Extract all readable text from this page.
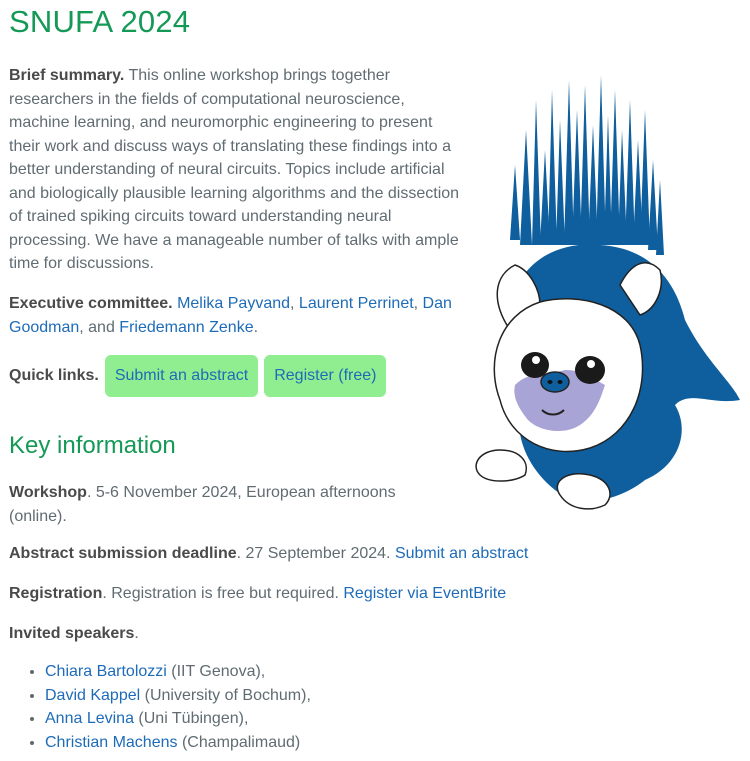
SNUFA 2024

Brief summary. This online workshop brings together researchers in the fields of computational neuroscience, machine learning, and neuromorphic engineering to present their work and discuss ways of translating these findings into a better understanding of neural circuits. Topics include artificial and biologically plausible learning algorithms and the dissection of trained spiking circuits toward understanding neural processing. We have a manageable number of talks with ample time for discussions.

Executive committee. Melika Payvand, Laurent Perrinet, Dan Goodman, and Friedemann Zenke.

Quick links.	Submit an abstract	Register (free)
Key information

Workshop. 5-6 November 2024, European afternoons (online).

Abstract submission deadline. 27 September 2024. Submit an abstract

Registration. Registration is free but required. Register via EventBrite

Invited speakers.

• Chiara Bartolozzi (IIT Genova),
• David Kappel (University of Bochum),
• Anna Levina (Uni Tübingen),
• Christian Machens (Champalimaud)
